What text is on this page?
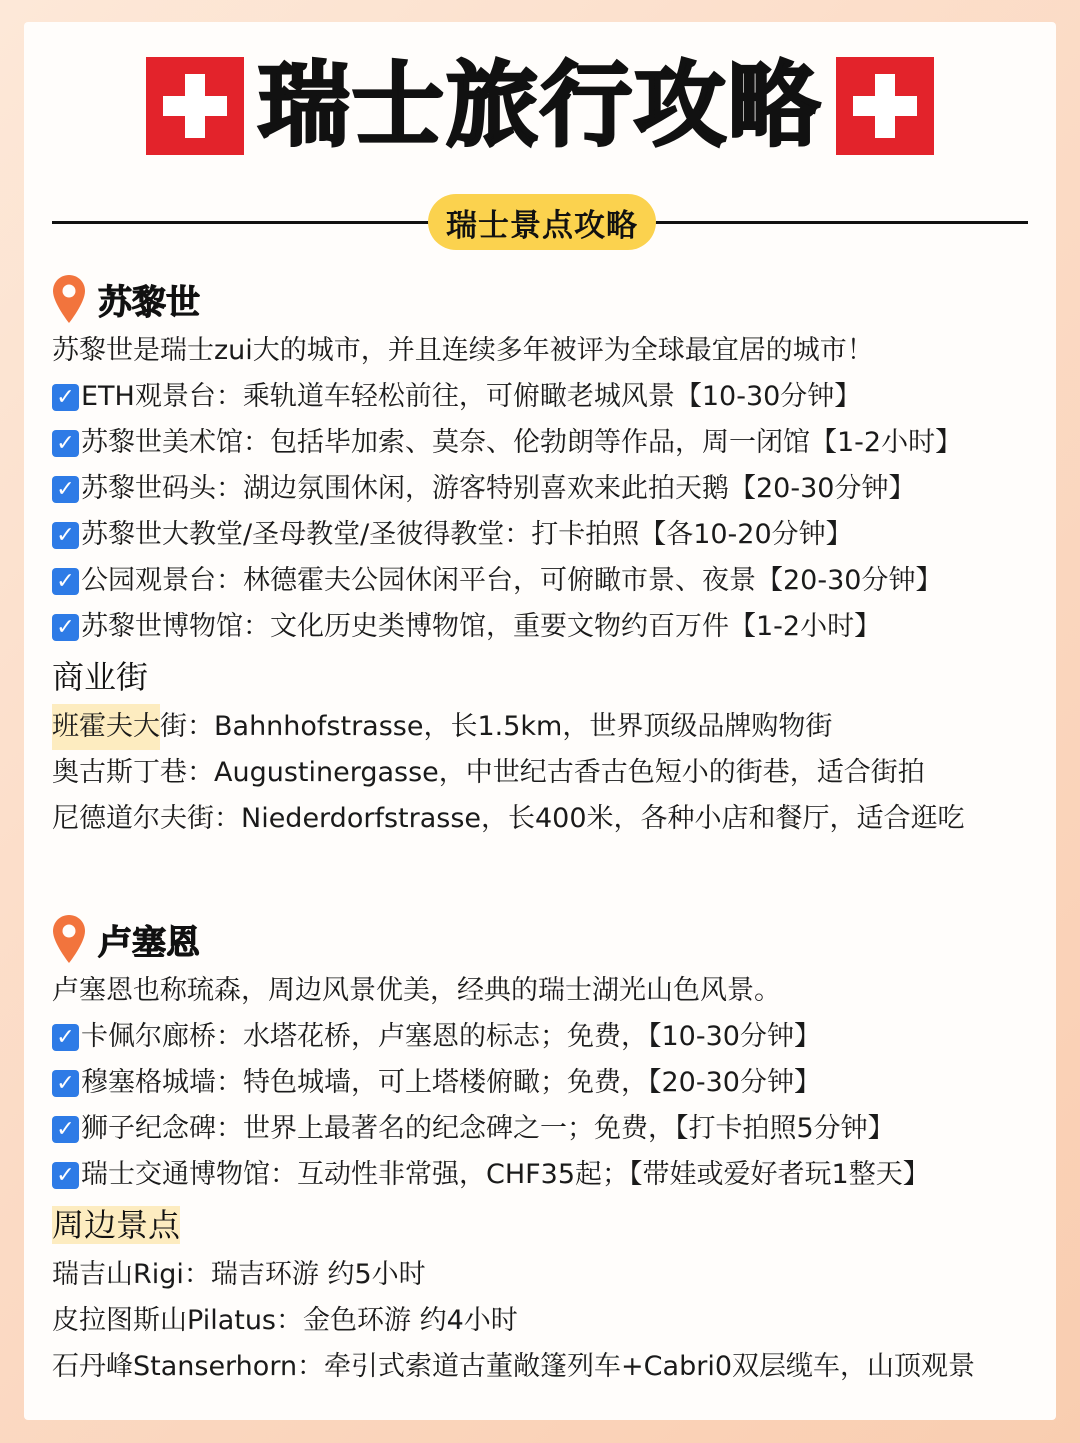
瑞士旅行攻略
瑞士景点攻略
苏黎世
苏黎世是瑞士zui大的城市，并且连续多年被评为全球最宜居的城市！
✓ ETH观景台：乘轨道车轻松前往，可俯瞰老城风景【10-30分钟】
✓ 苏黎世美术馆：包括毕加索、莫奈、伦勃朗等作品，周一闭馆【1-2小时】
✓ 苏黎世码头：湖边氛围休闲，游客特别喜欢来此拍天鹅【20-30分钟】
✓ 苏黎世大教堂/圣母教堂/圣彼得教堂：打卡拍照【各10-20分钟】
✓ 公园观景台：林德霍夫公园休闲平台，可俯瞰市景、夜景【20-30分钟】
✓ 苏黎世博物馆：文化历史类博物馆，重要文物约百万件【1-2小时】
商业街
班霍夫大 街：Bahnhofstrasse，长1.5km，世界顶级品牌购物街
奥古斯丁巷：Augustinergasse，中世纪古香古色短小的街巷，适合街拍
尼德道尔夫街：Niederdorfstrasse，长400米，各种小店和餐厅，适合逛吃
卢塞恩
卢塞恩也称琉森，周边风景优美，经典的瑞士湖光山色风景。
✓ 卡佩尔廊桥：水塔花桥，卢塞恩的标志；免费，【10-30分钟】
✓ 穆塞格城墙：特色城墙，可上塔楼俯瞰；免费，【20-30分钟】
✓ 狮子纪念碑：世界上最著名的纪念碑之一；免费，【打卡拍照5分钟】
✓ 瑞士交通博物馆：互动性非常强，CHF35起；【带娃或爱好者玩1整天】
周边景点
瑞吉山Rigi：瑞吉环游 约5小时
皮拉图斯山Pilatus：金色环游 约4小时
石丹峰Stanserhorn：牵引式索道古董敞篷列车+Cabri0双层缆车，山顶观景
